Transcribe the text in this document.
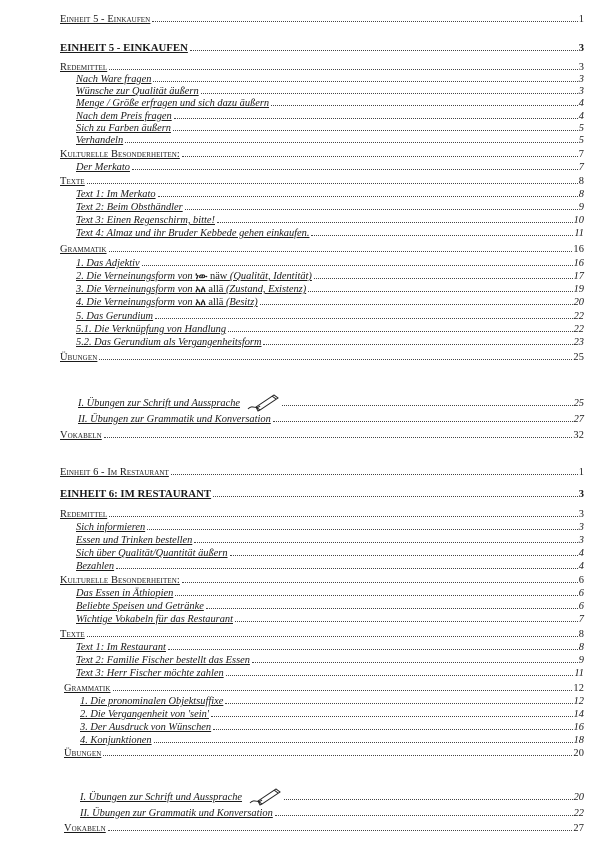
Einheit 5 - Einkaufen	1
EINHEIT 5 - EINKAUFEN	3
Redemittel	3
Nach Ware fragen	3
Wünsche zur Qualität äußern	3
Menge / Größe erfragen und sich dazu äußern	4
Nach dem Preis fragen	4
Sich zu Farben äußern	5
Verhandeln	5
Kulturelle Besonderheiten:	7
Der Merkato	7
Texte	8
Text 1: Im Merkato	8
Text 2: Beim Obsthändler	9
Text 3: Einen Regenschirm, bitte!	10
Text 4: Almaz und ihr Bruder Kebbede gehen einkaufen.	11
Grammatik	16
1. Das Adjektiv	16
2. Die Verneinungsform von ነው näw (Qualität, Identität)	17
3. Die Verneinungsform von አለ allä (Zustand, Existenz)	19
4. Die Verneinungsform von አለ allä (Besitz)	20
5. Das Gerundium	22
5.1. Die Verknüpfung von Handlung	22
5.2. Das Gerundium als Vergangenheitsform	23
Übungen	25
I. Übungen zur Schrift und Aussprache	25
II. Übungen zur Grammatik und Konversation	27
Vokabeln	32
Einheit 6 - Im Restaurant	1
EINHEIT 6: IM RESTAURANT	3
Redemittel	3
Sich informieren	3
Essen und Trinken bestellen	3
Sich über Qualität/Quantität äußern	4
Bezahlen	4
Kulturelle Besonderheiten:	6
Das Essen in Äthiopien	6
Beliebte Speisen und Getränke	6
Wichtige Vokabeln für das Restaurant	7
Texte	8
Text 1: Im Restaurant	8
Text 2: Familie Fischer bestellt das Essen	9
Text 3: Herr Fischer möchte zahlen	11
Grammatik	12
1. Die pronominalen Objektsuffixe	12
2. Die Vergangenheit von 'sein'	14
3. Der Ausdruck von Wünschen	16
4. Konjunktionen	18
Übungen	20
I. Übungen zur Schrift und Aussprache	20
II. Übungen zur Grammatik und Konversation	22
Vokabeln	27
